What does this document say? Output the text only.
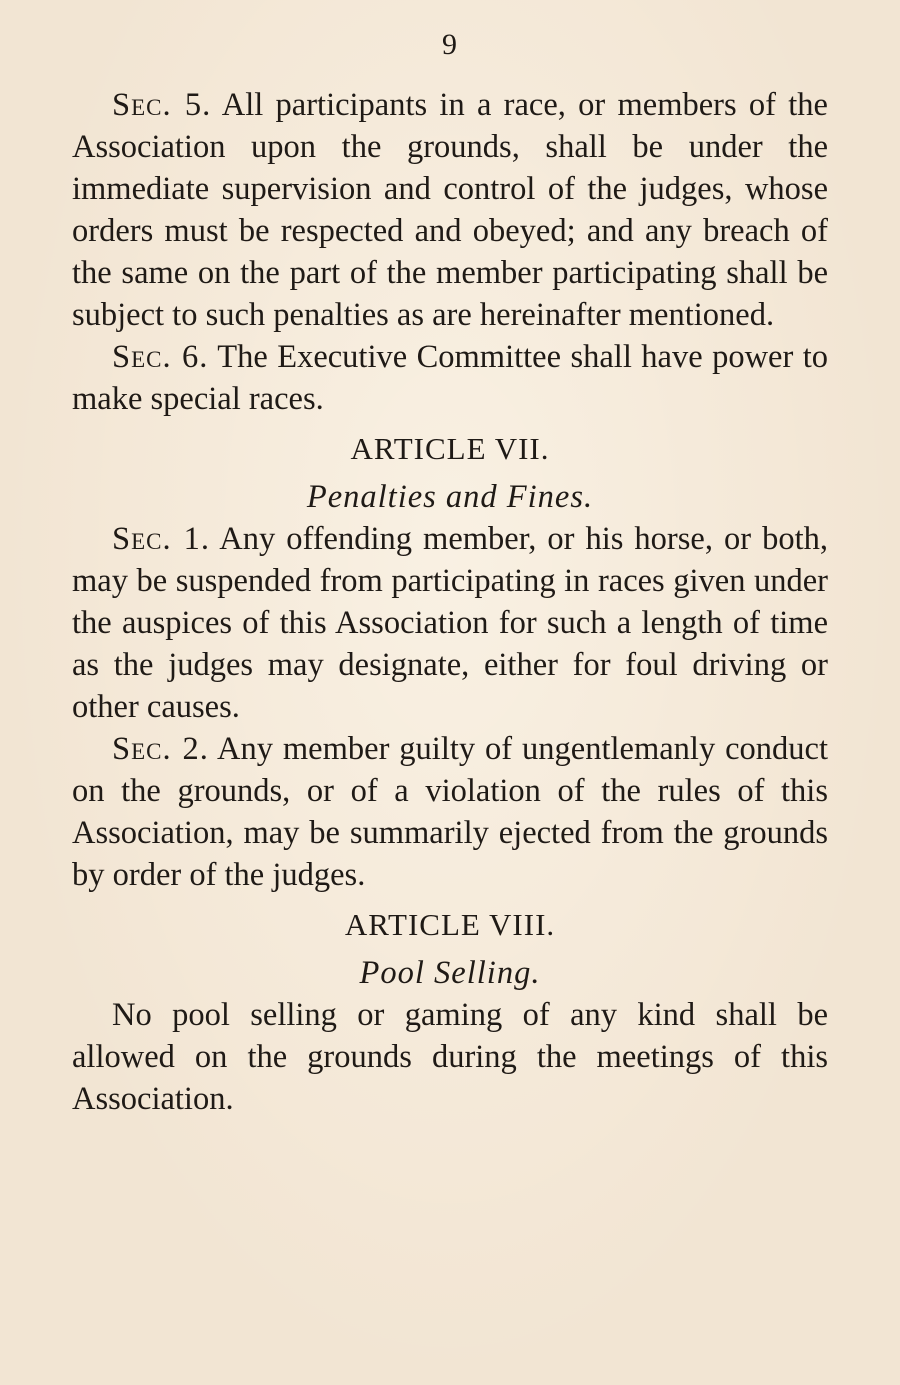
9

Sec. 5. All participants in a race, or members of the Association upon the grounds, shall be under the immediate supervision and control of the judges, whose orders must be respected and obeyed; and any breach of the same on the part of the member participating shall be subject to such penalties as are hereinafter mentioned.

Sec. 6. The Executive Committee shall have power to make special races.

ARTICLE VII.

Penalties and Fines.

Sec. 1. Any offending member, or his horse, or both, may be suspended from participating in races given under the auspices of this Association for such a length of time as the judges may designate, either for foul driving or other causes.

Sec. 2. Any member guilty of ungentlemanly conduct on the grounds, or of a violation of the rules of this Association, may be summarily ejected from the grounds by order of the judges.

ARTICLE VIII.

Pool Selling.

No pool selling or gaming of any kind shall be allowed on the grounds during the meetings of this Association.
